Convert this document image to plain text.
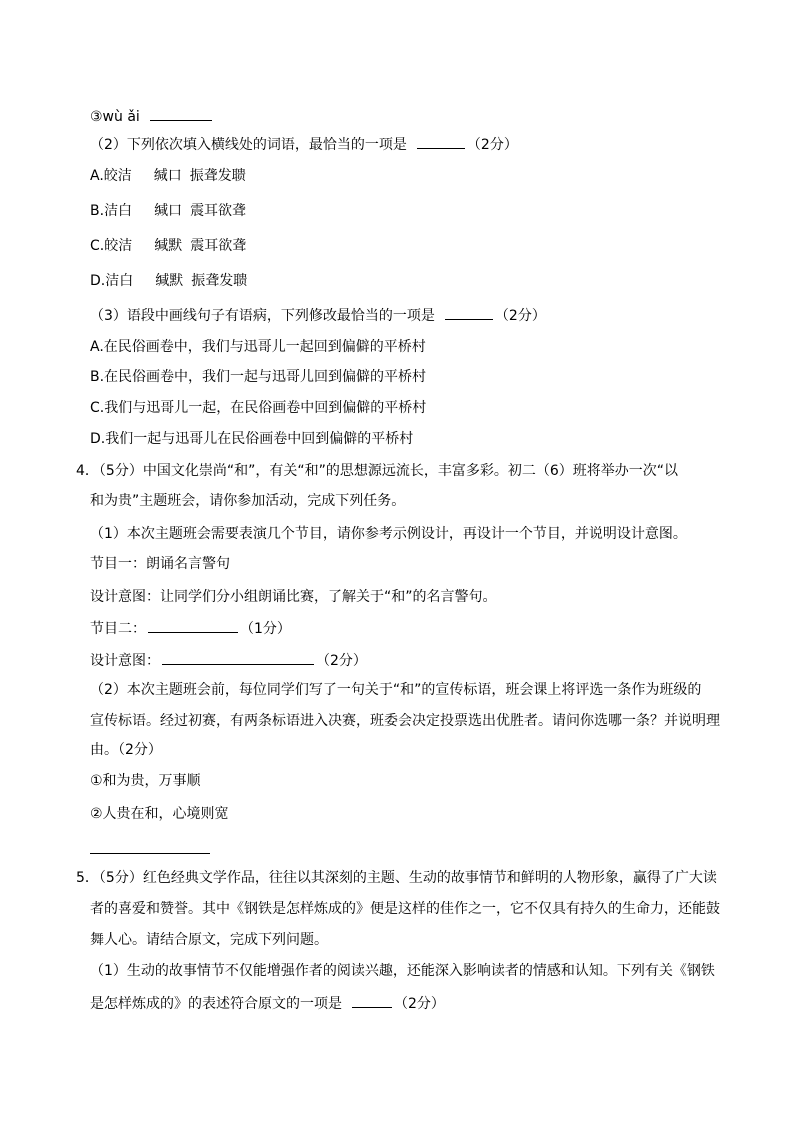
③wù ǎi
（2）下列依次填入横线处的词语，最恰当的一项是	（2分）
A.皎洁 缄口 振聋发聩
B.洁白 缄口 震耳欲聋
C.皎洁 缄默 震耳欲聋
D.洁白 缄默 振聋发聩
（3）语段中画线句子有语病，下列修改最恰当的一项是	（2分）
A.在民俗画卷中，我们与迅哥儿一起回到偏僻的平桥村
B.在民俗画卷中，我们一起与迅哥儿回到偏僻的平桥村
C.我们与迅哥儿一起，在民俗画卷中回到偏僻的平桥村
D.我们一起与迅哥儿在民俗画卷中回到偏僻的平桥村
4．（5分）中国文化崇尚“和”，有关“和”的思想源远流长，丰富多彩。初二（6）班将举办一次“以
和为贵”主题班会，请你参加活动，完成下列任务。
（1）本次主题班会需要表演几个节目，请你参考示例设计，再设计一个节目，并说明设计意图。
节目一：朗诵名言警句
设计意图：让同学们分小组朗诵比赛，了解关于“和”的名言警句。
节目二：	（1分）
设计意图：	（2分）
（2）本次主题班会前，每位同学们写了一句关于“和”的宣传标语，班会课上将评选一条作为班级的
宣传标语。经过初赛，有两条标语进入决赛，班委会决定投票选出优胜者。请问你选哪一条？并说明理
由。（2分）
①和为贵，万事顺
②人贵在和，心境则宽
5．（5分）红色经典文学作品，往往以其深刻的主题、生动的故事情节和鲜明的人物形象，赢得了广大读
者的喜爱和赞誉。其中《钢铁是怎样炼成的》便是这样的佳作之一，它不仅具有持久的生命力，还能鼓
舞人心。请结合原文，完成下列问题。
（1）生动的故事情节不仅能增强作者的阅读兴趣，还能深入影响读者的情感和认知。下列有关《钢铁
是怎样炼成的》的表述符合原文的一项是	（2分）
